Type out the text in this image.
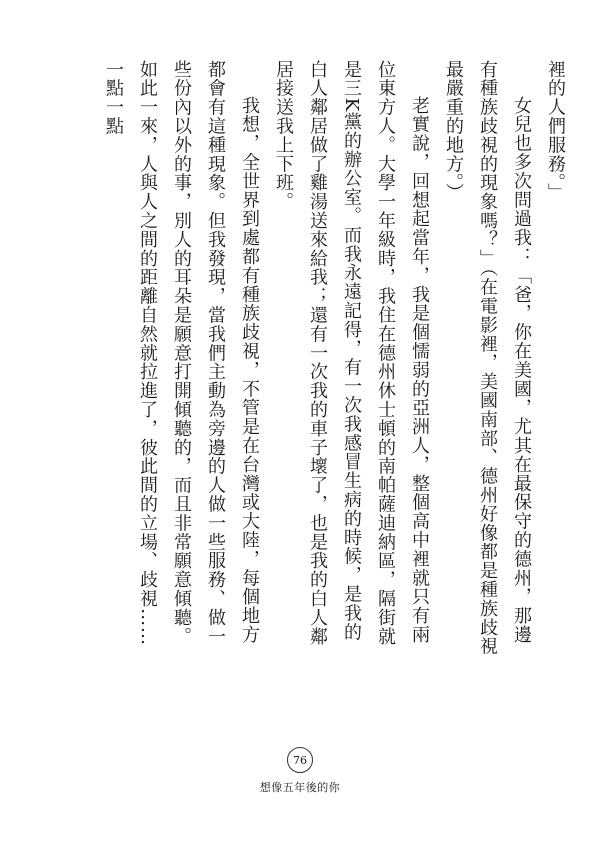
裡的人們服務。」

女兒也多次問過我：「爸，你在美國，尤其在最保守的德州，那邊有種族歧視的現象嗎？」（在電影裡，美國南部、德州好像都是種族歧視最嚴重的地方。）

老實說，回想起當年，我是個懦弱的亞洲人，整個高中裡就只有兩位東方人。大學一年級時，我住在德州休士頓的南帕薩迪納區，隔街就是三K黨的辦公室。而我永遠記得，有一次我感冒生病的時候，是我的白人鄰居做了雞湯送來給我；還有一次我的車子壞了，也是我的白人鄰居接送我上下班。

我想，全世界到處都有種族歧視，不管是在台灣或大陸，每個地方都會有這種現象。但我發現，當我們主動為旁邊的人做一些服務、做一些份內以外的事，別人的耳朵是願意打開傾聽的，而且非常願意傾聽。如此一來，人與人之間的距離自然就拉進了，彼此間的立場、歧視……一點一點

76
想像五年後的你
